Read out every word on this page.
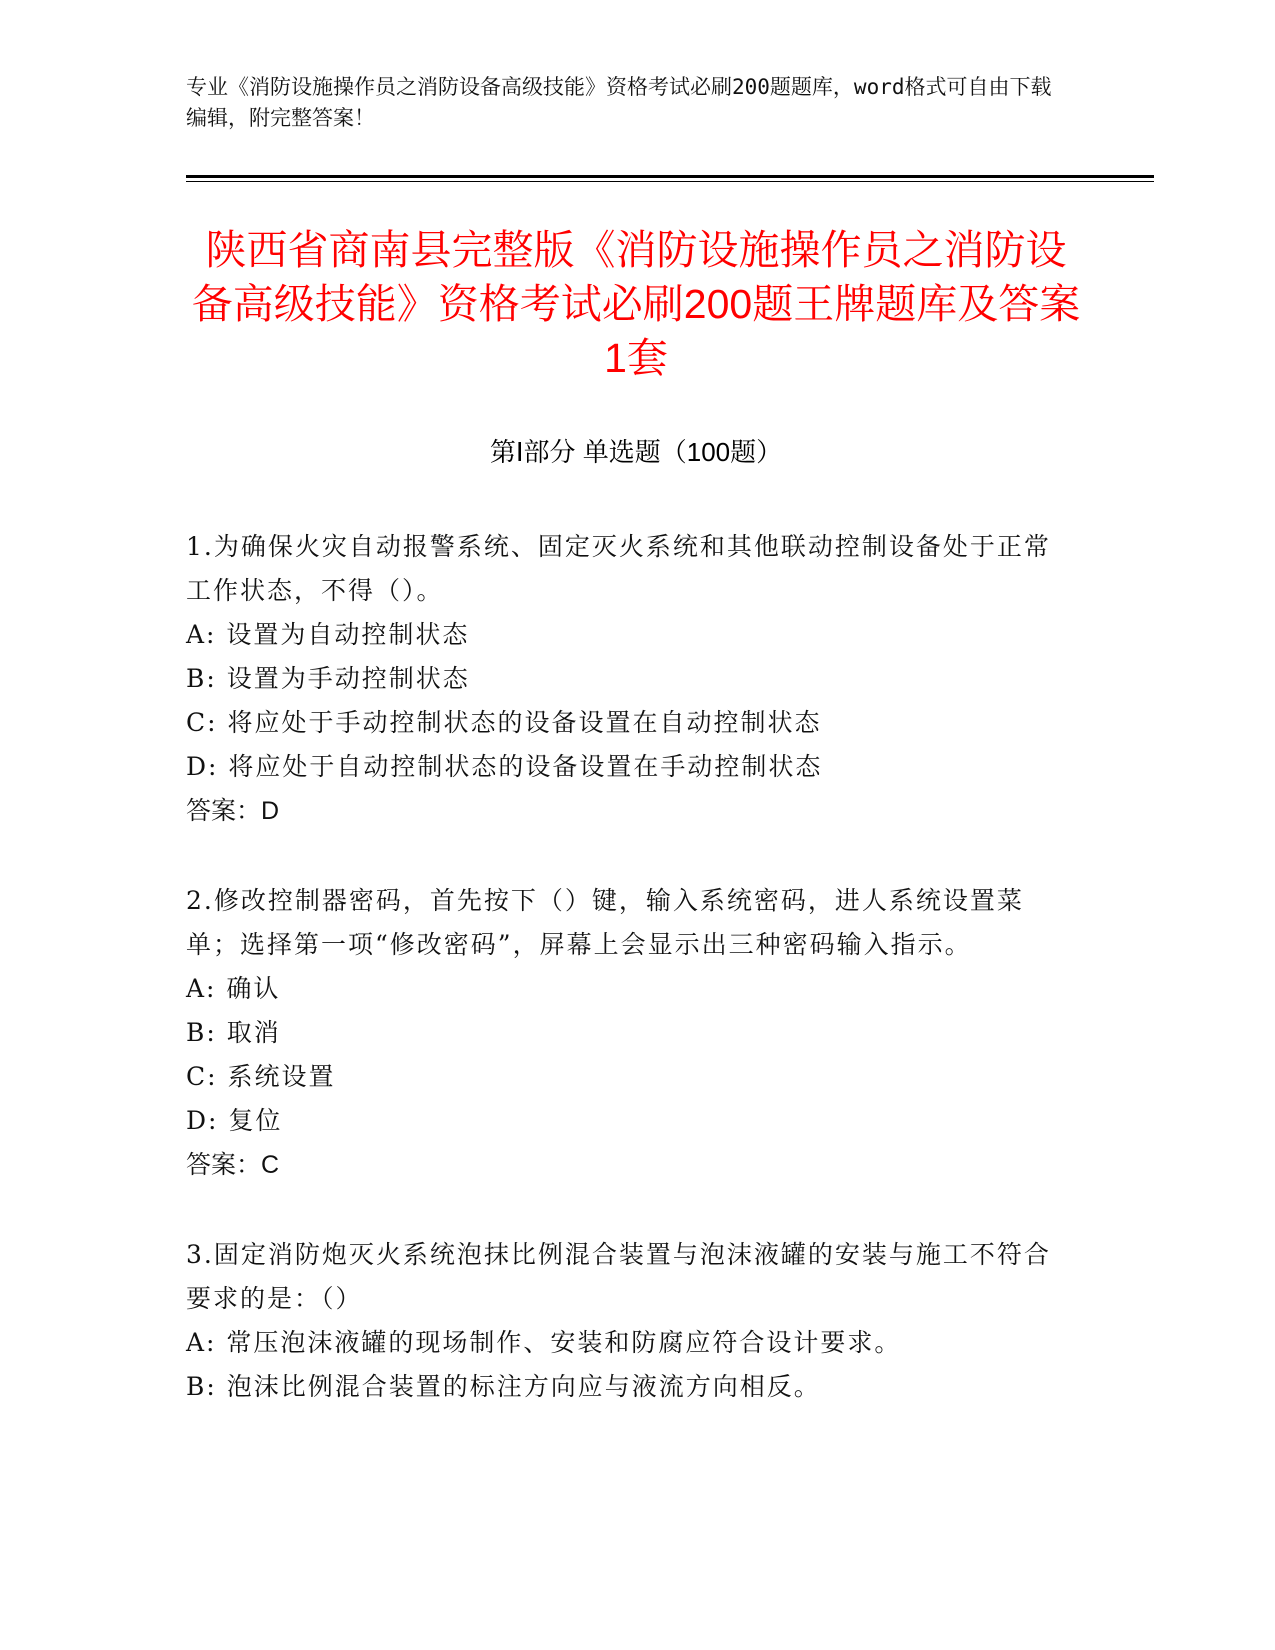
专业《消防设施操作员之消防设备高级技能》资格考试必刷200题题库，word格式可自由下载编辑，附完整答案！
陕西省商南县完整版《消防设施操作员之消防设备高级技能》资格考试必刷200题王牌题库及答案1套
第Ⅰ部分 单选题（100题）
1.为确保火灾自动报警系统、固定灭火系统和其他联动控制设备处于正常工作状态，不得（）。
A: 设置为自动控制状态
B: 设置为手动控制状态
C: 将应处于手动控制状态的设备设置在自动控制状态
D: 将应处于自动控制状态的设备设置在手动控制状态
答案：D
2.修改控制器密码，首先按下（）键，输入系统密码，进人系统设置菜单；选择第一项“修改密码”，屏幕上会显示出三种密码输入指示。
A: 确认
B: 取消
C: 系统设置
D: 复位
答案：C
3.固定消防炮灭火系统泡抹比例混合装置与泡沫液罐的安装与施工不符合要求的是：（）
A: 常压泡沫液罐的现场制作、安装和防腐应符合设计要求。
B: 泡沫比例混合装置的标注方向应与液流方向相反。
